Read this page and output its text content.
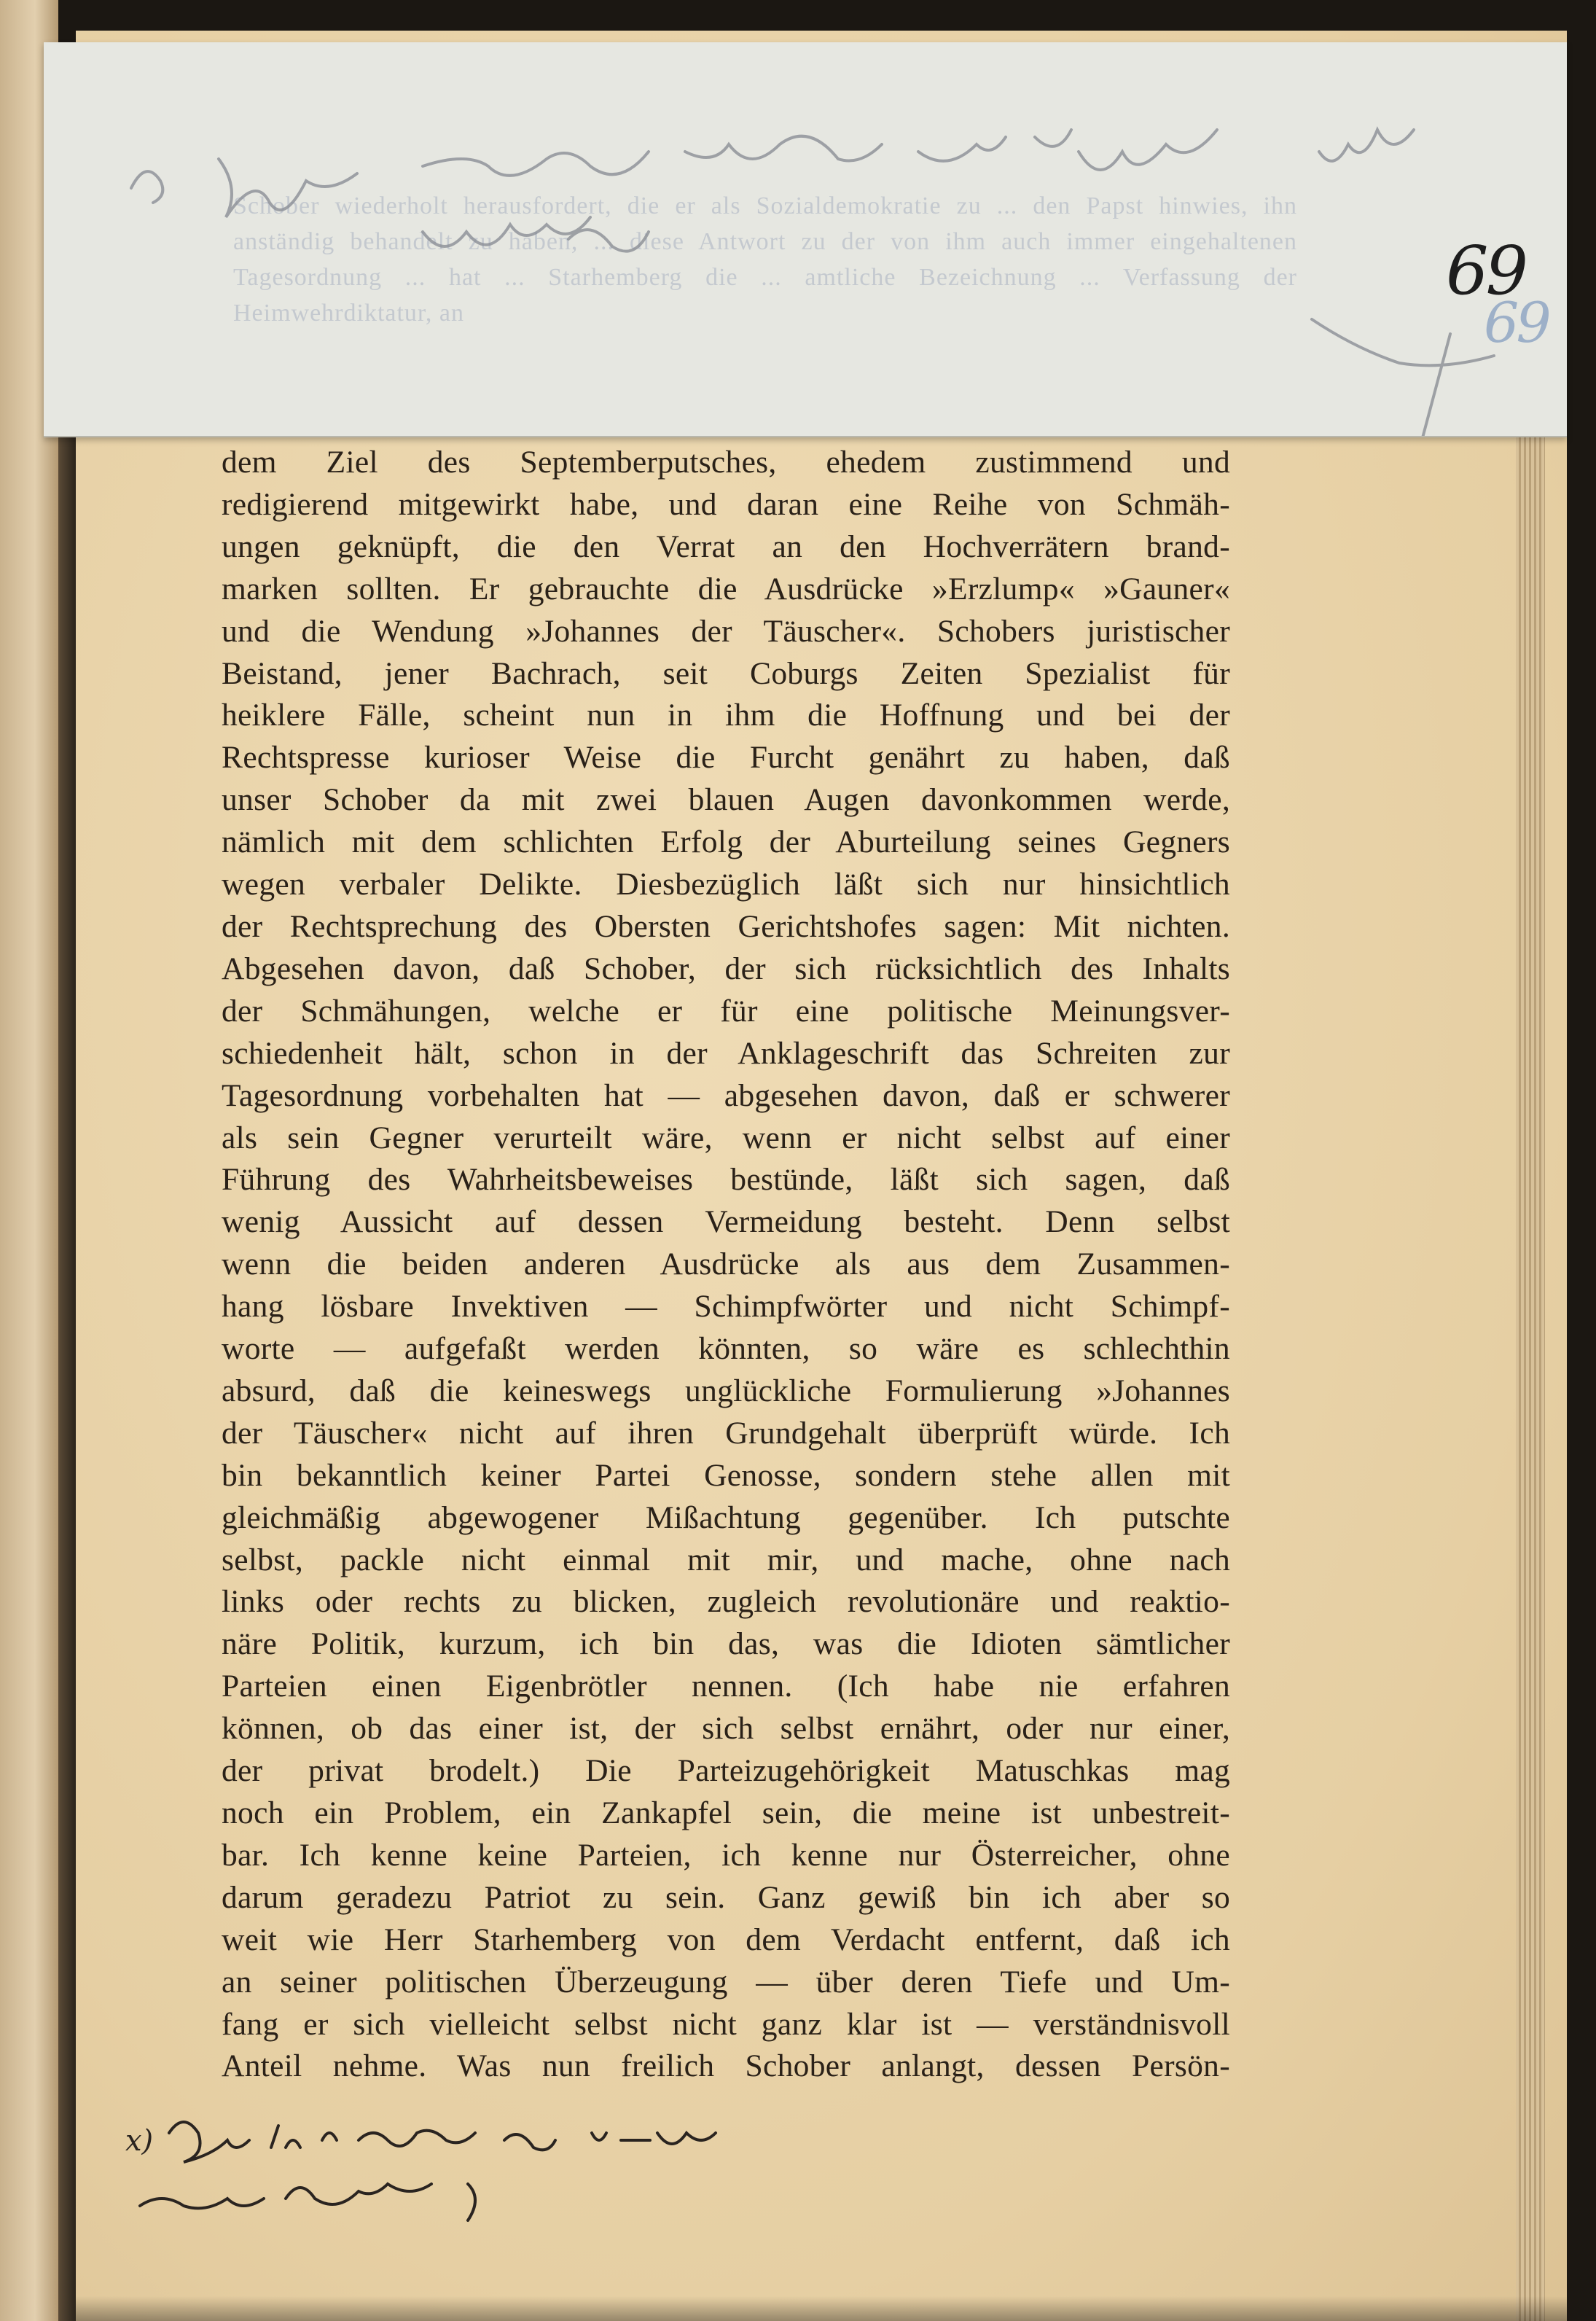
Schober wiederholt herausfordert, die er als Sozialdemokratie zu ... den Papst hinwies, ihn anständig behandelt zu haben, ... diese Antwort zu der von ihm auch immer eingehaltenen Tagesordnung ... hat ... Starhemberg die ... amtliche Bezeichnung ... Verfassung der Heimwehrdiktatur, an
69
69
dem Ziel des Septemberputsches, ehedem zustimmend und
redigierend mitgewirkt habe, und daran eine Reihe von Schmäh-
ungen geknüpft, die den Verrat an den Hochverrätern brand-
marken sollten. Er gebrauchte die Ausdrücke »Erzlump« »Gauner«
und die Wendung »Johannes der Täuscher«. Schobers juristischer
Beistand, jener Bachrach, seit Coburgs Zeiten Spezialist für
heiklere Fälle, scheint nun in ihm die Hoffnung und bei der
Rechtspresse kurioser Weise die Furcht genährt zu haben, daß
unser Schober da mit zwei blauen Augen davonkommen werde,
nämlich mit dem schlichten Erfolg der Aburteilung seines Gegners
wegen verbaler Delikte. Diesbezüglich läßt sich nur hinsichtlich
der Rechtsprechung des Obersten Gerichtshofes sagen: Mit nichten.
Abgesehen davon, daß Schober, der sich rücksichtlich des Inhalts
der Schmähungen, welche er für eine politische Meinungsver-
schiedenheit hält, schon in der Anklageschrift das Schreiten zur
Tagesordnung vorbehalten hat — abgesehen davon, daß er schwerer
als sein Gegner verurteilt wäre, wenn er nicht selbst auf einer
Führung des Wahrheitsbeweises bestünde, läßt sich sagen, daß
wenig Aussicht auf dessen Vermeidung besteht. Denn selbst
wenn die beiden anderen Ausdrücke als aus dem Zusammen-
hang lösbare Invektiven — Schimpfwörter und nicht Schimpf-
worte — aufgefaßt werden könnten, so wäre es schlechthin
absurd, daß die keineswegs unglückliche Formulierung »Johannes
der Täuscher« nicht auf ihren Grundgehalt überprüft würde. Ich
bin bekanntlich keiner Partei Genosse, sondern stehe allen mit
gleichmäßig abgewogener Mißachtung gegenüber. Ich putschte
selbst, packle nicht einmal mit mir, und mache, ohne nach
links oder rechts zu blicken, zugleich revolutionäre und reaktio-
näre Politik, kurzum, ich bin das, was die Idioten sämtlicher
Parteien einen Eigenbrötler nennen. (Ich habe nie erfahren
können, ob das einer ist, der sich selbst ernährt, oder nur einer,
der privat brodelt.) Die Parteizugehörigkeit Matuschkas mag
noch ein Problem, ein Zankapfel sein, die meine ist unbestreit-
bar. Ich kenne keine Parteien, ich kenne nur Österreicher, ohne
darum geradezu Patriot zu sein. Ganz gewiß bin ich aber so
weit wie Herr Starhemberg von dem Verdacht entfernt, daß ich
an seiner politischen Überzeugung — über deren Tiefe und Um-
fang er sich vielleicht selbst nicht ganz klar ist — verständnisvoll
Anteil nehme. Was nun freilich Schober anlangt, dessen Persön-
x)
